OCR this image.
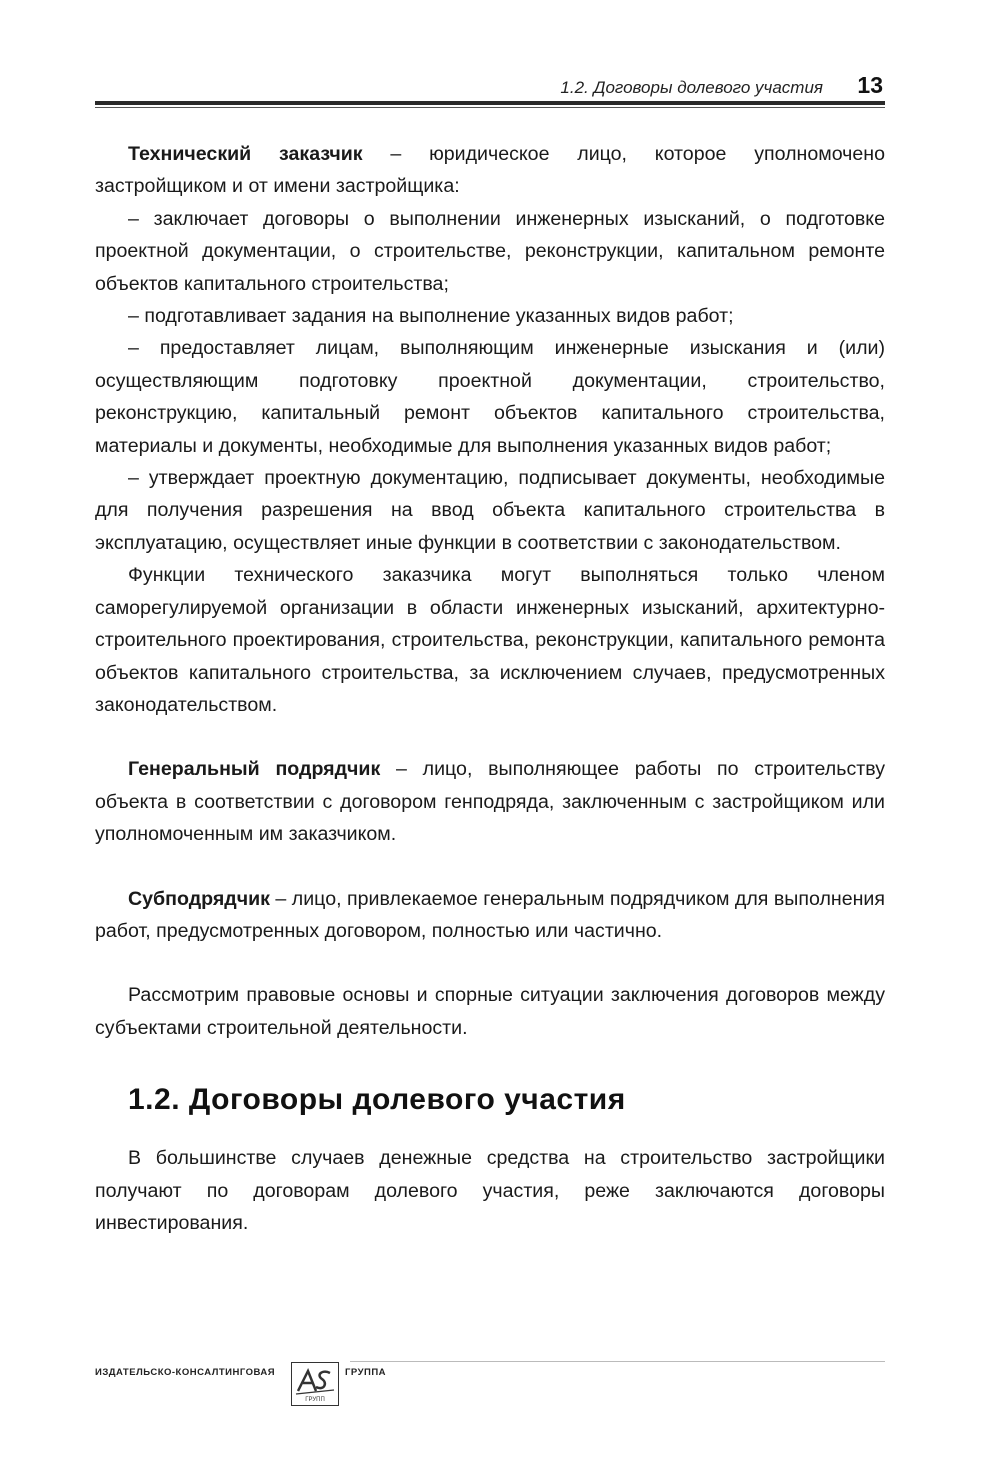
1.2. Договоры долевого участия 13

Технический заказчик – юридическое лицо, которое уполномочено застройщиком и от имени застройщика:

– заключает договоры о выполнении инженерных изысканий, о подготовке проектной документации, о строительстве, реконструкции, капитальном ремонте объектов капитального строительства;

– подготавливает задания на выполнение указанных видов работ;

– предоставляет лицам, выполняющим инженерные изыскания и (или) осуществляющим подготовку проектной документации, строительство, реконструкцию, капитальный ремонт объектов капитального строительства, материалы и документы, необходимые для выполнения указанных видов работ;

– утверждает проектную документацию, подписывает документы, необходимые для получения разрешения на ввод объекта капитального строительства в эксплуатацию, осуществляет иные функции в соответствии с законодательством.

Функции технического заказчика могут выполняться только членом саморегулируемой организации в области инженерных изысканий, архитектурно-строительного проектирования, строительства, реконструкции, капитального ремонта объектов капитального строительства, за исключением случаев, предусмотренных законодательством.

Генеральный подрядчик – лицо, выполняющее работы по строительству объекта в соответствии с договором генподряда, заключенным с застройщиком или уполномоченным им заказчиком.

Субподрядчик – лицо, привлекаемое генеральным подрядчиком для выполнения работ, предусмотренных договором, полностью или частично.

Рассмотрим правовые основы и спорные ситуации заключения договоров между субъектами строительной деятельности.

1.2. Договоры долевого участия

В большинстве случаев денежные средства на строительство застройщики получают по договорам долевого участия, реже заключаются договоры инвестирования.

ИЗДАТЕЛЬСКО-КОНСАЛТИНГОВАЯ
ГРУПП
ГРУППА
